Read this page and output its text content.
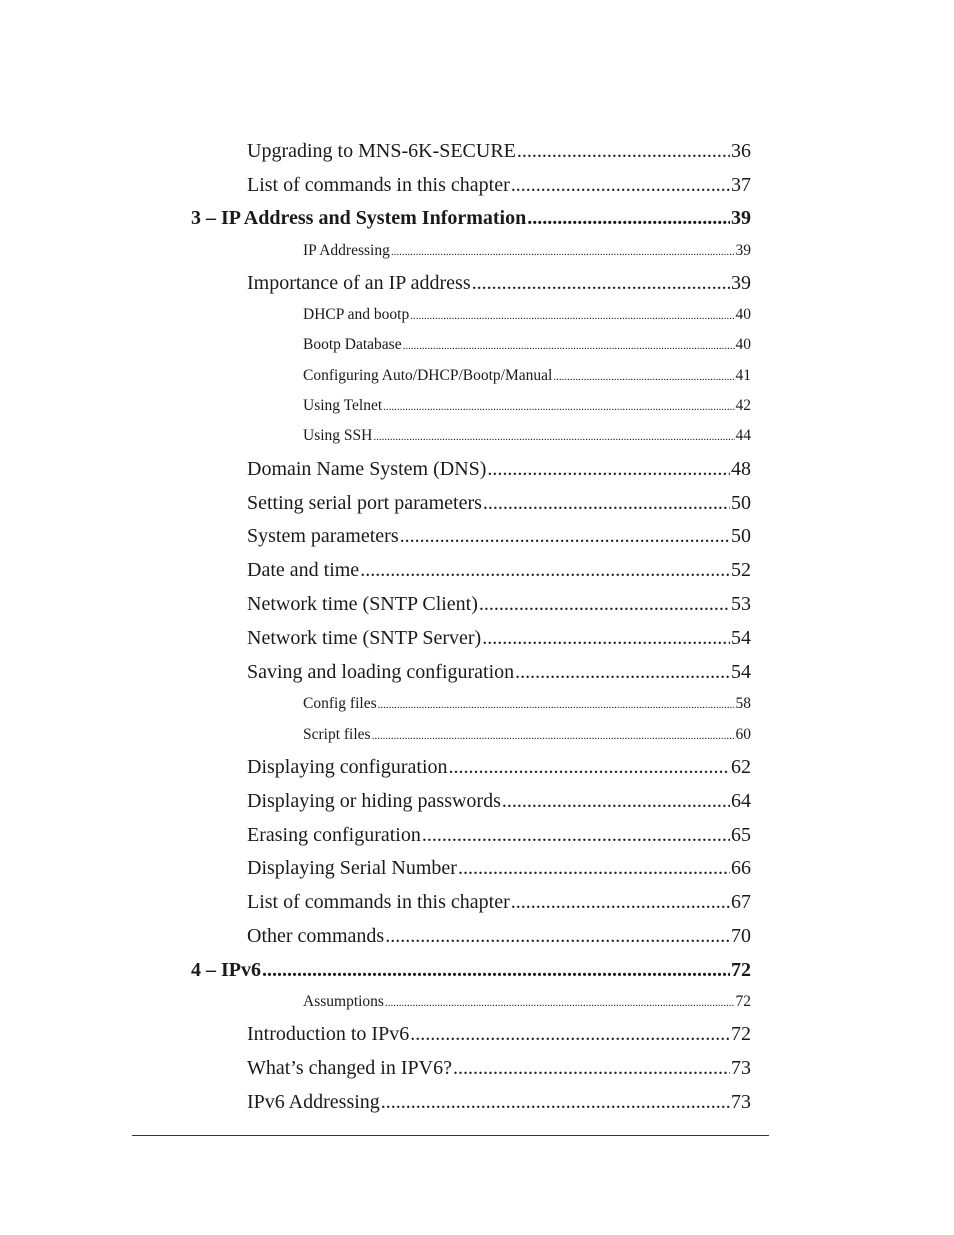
Upgrading to MNS-6K-SECURE .....	36
List of commands in this chapter .....	37
3 – IP Address and System Information .....	39
IP Addressing .....	39
Importance of an IP address .....	39
DHCP and bootp .....	40
Bootp Database .....	40
Configuring Auto/DHCP/Bootp/Manual .....	41
Using Telnet .....	42
Using SSH .....	44
Domain Name System (DNS) .....	48
Setting serial port parameters .....	50
System parameters .....	50
Date and time .....	52
Network time (SNTP Client) .....	53
Network time (SNTP Server) .....	54
Saving and loading configuration .....	54
Config files .....	58
Script files .....	60
Displaying configuration .....	62
Displaying or hiding passwords .....	64
Erasing configuration .....	65
Displaying Serial Number .....	66
List of commands in this chapter .....	67
Other commands .....	70
4 – IPv6 .....	72
Assumptions .....	72
Introduction to IPv6 .....	72
What’s changed in IPV6? .....	73
IPv6 Addressing .....	73
